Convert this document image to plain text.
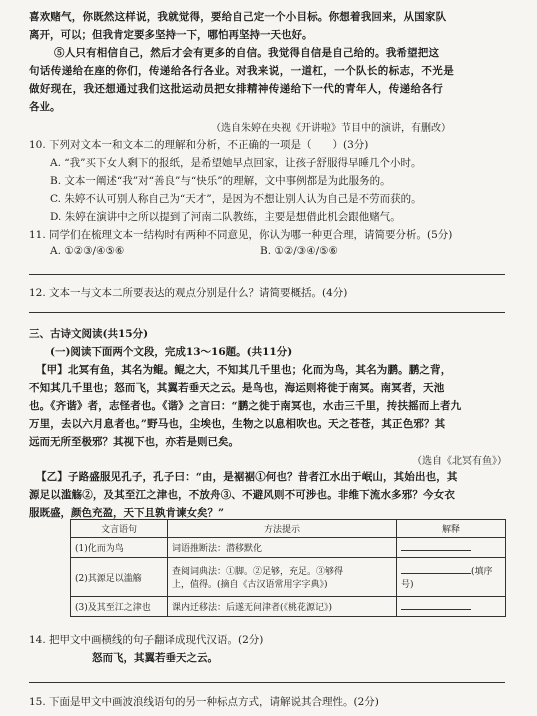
喜欢赌气，你既然这样说，我就觉得，要给自己定一个小目标。你想着我回来，从国家队
离开，可以；但我肯定要多坚持一下，哪怕再坚持一天也好。
⑤人只有相信自己，然后才会有更多的自信。我觉得自信是自己给的。我希望把这
句话传递给在座的你们，传递给各行各业。对我来说，一道杠，一个队长的标志，不光是
做好现在，我还想通过我们这批运动员把女排精神传递给下一代的青年人，传递给各行
各业。
（选自朱婷在央视《开讲啦》节目中的演讲，有删改）
10. 下列对文本一和文本二的理解和分析，不正确的一项是（　　）(3分)
A. “我”买下女人剩下的报纸，是希望她早点回家，让孩子舒服得早睡几个小时。
B. 文本一阐述“我”对“善良”与“快乐”的理解，文中事例都是为此服务的。
C. 朱婷不认可别人称自己为“天才”，是因为不想让别人认为自己是不劳而获的。
D. 朱婷在演讲中之所以提到了河南二队教练，主要是想借此机会跟他赌气。
11. 同学们在梳理文本一结构时有两种不同意见，你认为哪一种更合理，请简要分析。(5分)
A. ①②③/④⑤⑥	B. ①②/③④/⑤⑥
12. 文本一与文本二所要表达的观点分别是什么？请简要概括。(4分)
三、古诗文阅读(共15分)
(一)阅读下面两个文段，完成13～16题。(共11分)
【甲】北冥有鱼，其名为鲲。鲲之大，不知其几千里也；化而为鸟，其名为鹏。鹏之背，
不知其几千里也；怒而飞，其翼若垂天之云。是鸟也，海运则将徙于南冥。南冥者，天池
也。《齐谐》者，志怪者也。《谐》之言曰：“鹏之徙于南冥也，水击三千里，抟扶摇而上者九
万里，去以六月息者也。”野马也，尘埃也，生物之以息相吹也。天之苍苍，其正色邪？其
远而无所至极邪？其视下也，亦若是则已矣。
（选自《北冥有鱼》）
【乙】子路盛服见孔子，孔子曰：“由，是裾裾①何也？昔者江水出于岷山，其始出也，其
源足以滥觞②，及其至江之津也，不放舟③、不避风则不可涉也。非维下流水多邪？今女衣
服既盛，颜色充盈，天下且孰肯谏女矣？”
文言语句	方法提示	解释
(1)化而为鸟	词语推断法：潜移默化	
(2)其源足以滥觞	查阅词典法：①脚。②足够，充足。③够得
上，值得。(摘自《古汉语常用字字典》)	(填序号)
(3)及其至江之津也	课内迁移法：后遂无问津者(《桃花源记》)	
14. 把甲文中画横线的句子翻译成现代汉语。(2分)
怒而飞，其翼若垂天之云。
15. 下面是甲文中画波浪线语句的另一种标点方式，请解说其合理性。(2分)
